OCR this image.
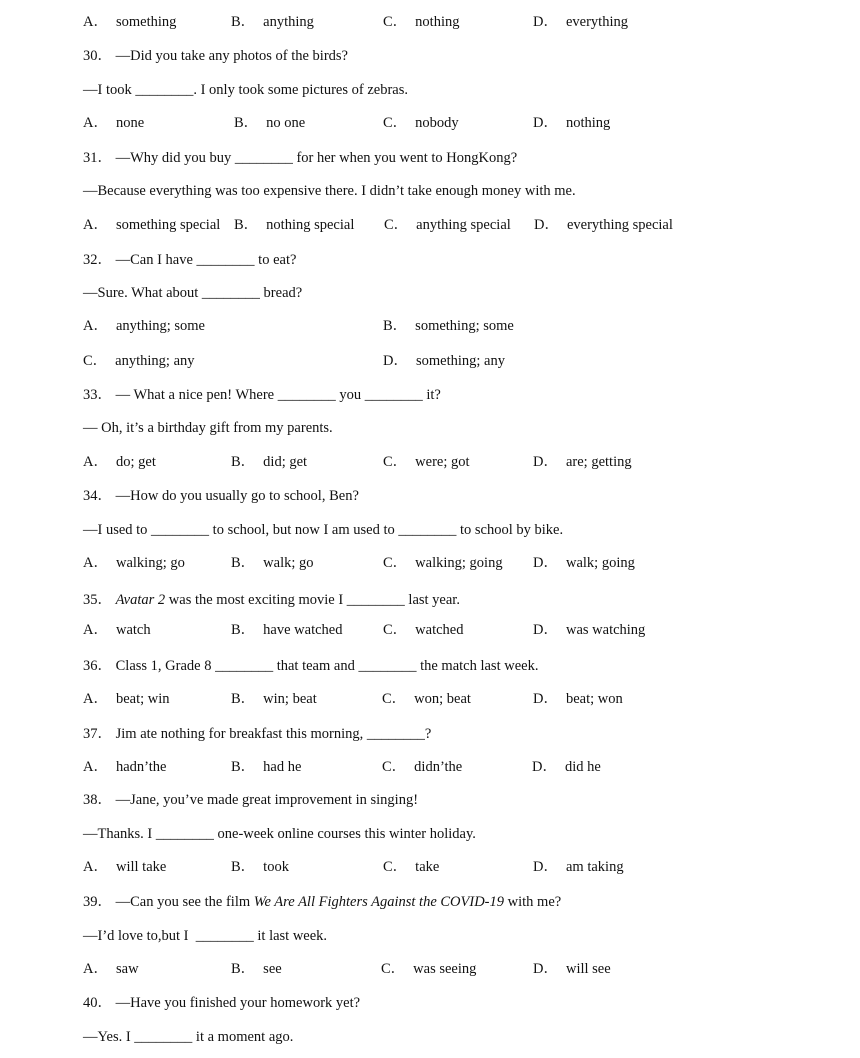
A． something	B． anything	C． nothing	D． everything
30． —Did you take any photos of the birds?
—I took ________. I only took some pictures of zebras.
A． none	B． no one	C． nobody	D． nothing
31． —Why did you buy ________ for her when you went to HongKong?
—Because everything was too expensive there. I didn’t take enough money with me.
A． something special B． nothing special C． anything special D． everything special
32． —Can I have ________ to eat?
—Sure. What about ________ bread?
A． anything; some	B． something; some
C． anything; any	D． something; any
33． — What a nice pen! Where ________ you ________ it?
— Oh, it’s a birthday gift from my parents.
A． do; get	B． did; get	C． were; got	D． are; getting
34． —How do you usually go to school, Ben?
—I used to ________ to school, but now I am used to ________ to school by bike.
A． walking; go	B． walk; go	C． walking; going D． walk; going
35． Avatar 2 was the most exciting movie I ________ last year.
A． watch	B． have watched	C． watched	D． was watching
36． Class 1, Grade 8 ________ that team and ________ the match last week.
A． beat; win	B． win; beat	C． won; beat	D． beat; won
37． Jim ate nothing for breakfast this morning, ________?
A． hadn’the	B． had he	C． didn’the	D． did he
38． —Jane, you’ve made great improvement in singing!
—Thanks. I ________ one-week online courses this winter holiday.
A． will take	B． took	C． take	D． am taking
39． —Can you see the film We Are All Fighters Against the COVID-19 with me?
—I’d love to,but I  ________ it last week.
A． saw	B． see	C． was seeing	D． will see
40． —Have you finished your homework yet?
—Yes. I ________ it a moment ago.
